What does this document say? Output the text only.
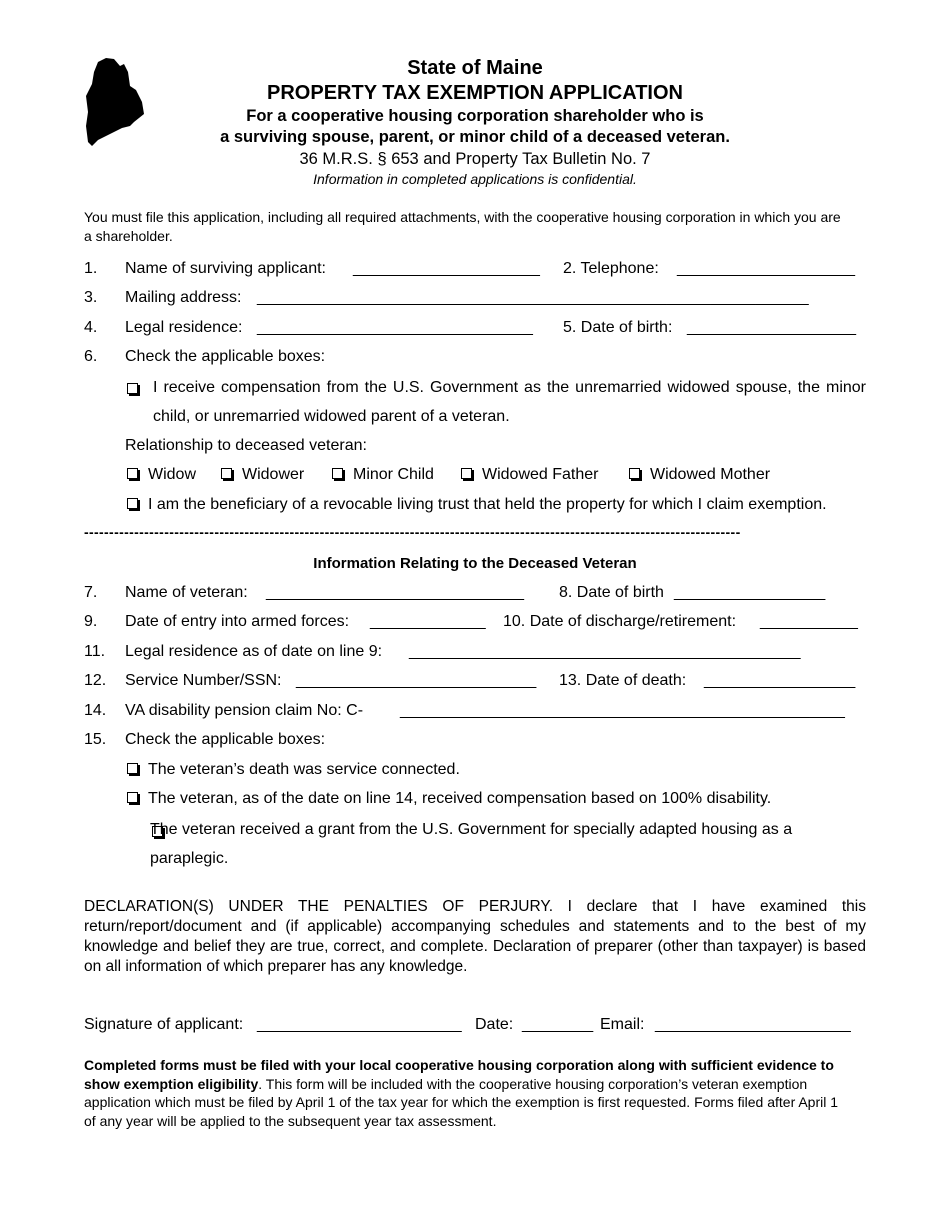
State of Maine
PROPERTY TAX EXEMPTION APPLICATION
For a cooperative housing corporation shareholder who is
a surviving spouse, parent, or minor child of a deceased veteran.
36 M.R.S. § 653 and Property Tax Bulletin No. 7
Information in completed applications is confidential.
You must file this application, including all required attachments, with the cooperative housing corporation in which you are a shareholder.
1. Name of surviving applicant: _____________________ 2. Telephone: ____________________
3. Mailing address: ______________________________________________________________
4. Legal residence: _______________________________ 5. Date of birth: ___________________
6. Check the applicable boxes:

I receive compensation from the U.S. Government as the unremarried widowed spouse, the minor child, or unremarried widowed parent of a veteran.
Relationship to deceased veteran:
Widow	Widower	Minor Child	Widowed Father	Widowed Mother
I am the beneficiary of a revocable living trust that held the property for which I claim exemption.
-----------------------------------------------------------------------------------------------------------------------------------
Information Relating to the Deceased Veteran
7. Name of veteran: _____________________________ 8. Date of birth _________________
9. Date of entry into armed forces: _____________ 10. Date of discharge/retirement: ___________
11. Legal residence as of date on line 9: ____________________________________________
12. Service Number/SSN: ___________________________ 13. Date of death: _________________
14. VA disability pension claim No: C- __________________________________________________
15. Check the applicable boxes:
The veteran’s death was service connected.
The veteran, as of the date on line 14, received compensation based on 100% disability.
The veteran received a grant from the U.S. Government for specially adapted housing as a paraplegic.
DECLARATION(S) UNDER THE PENALTIES OF PERJURY. I declare that I have examined this return/report/document and (if applicable) accompanying schedules and statements and to the best of my knowledge and belief they are true, correct, and complete. Declaration of preparer (other than taxpayer) is based on all information of which preparer has any knowledge.
Signature of applicant: _______________________ Date: ________ Email: ______________________
Completed forms must be filed with your local cooperative housing corporation along with sufficient evidence to show exemption eligibility. This form will be included with the cooperative housing corporation’s veteran exemption application which must be filed by April 1 of the tax year for which the exemption is first requested. Forms filed after April 1 of any year will be applied to the subsequent year tax assessment.
